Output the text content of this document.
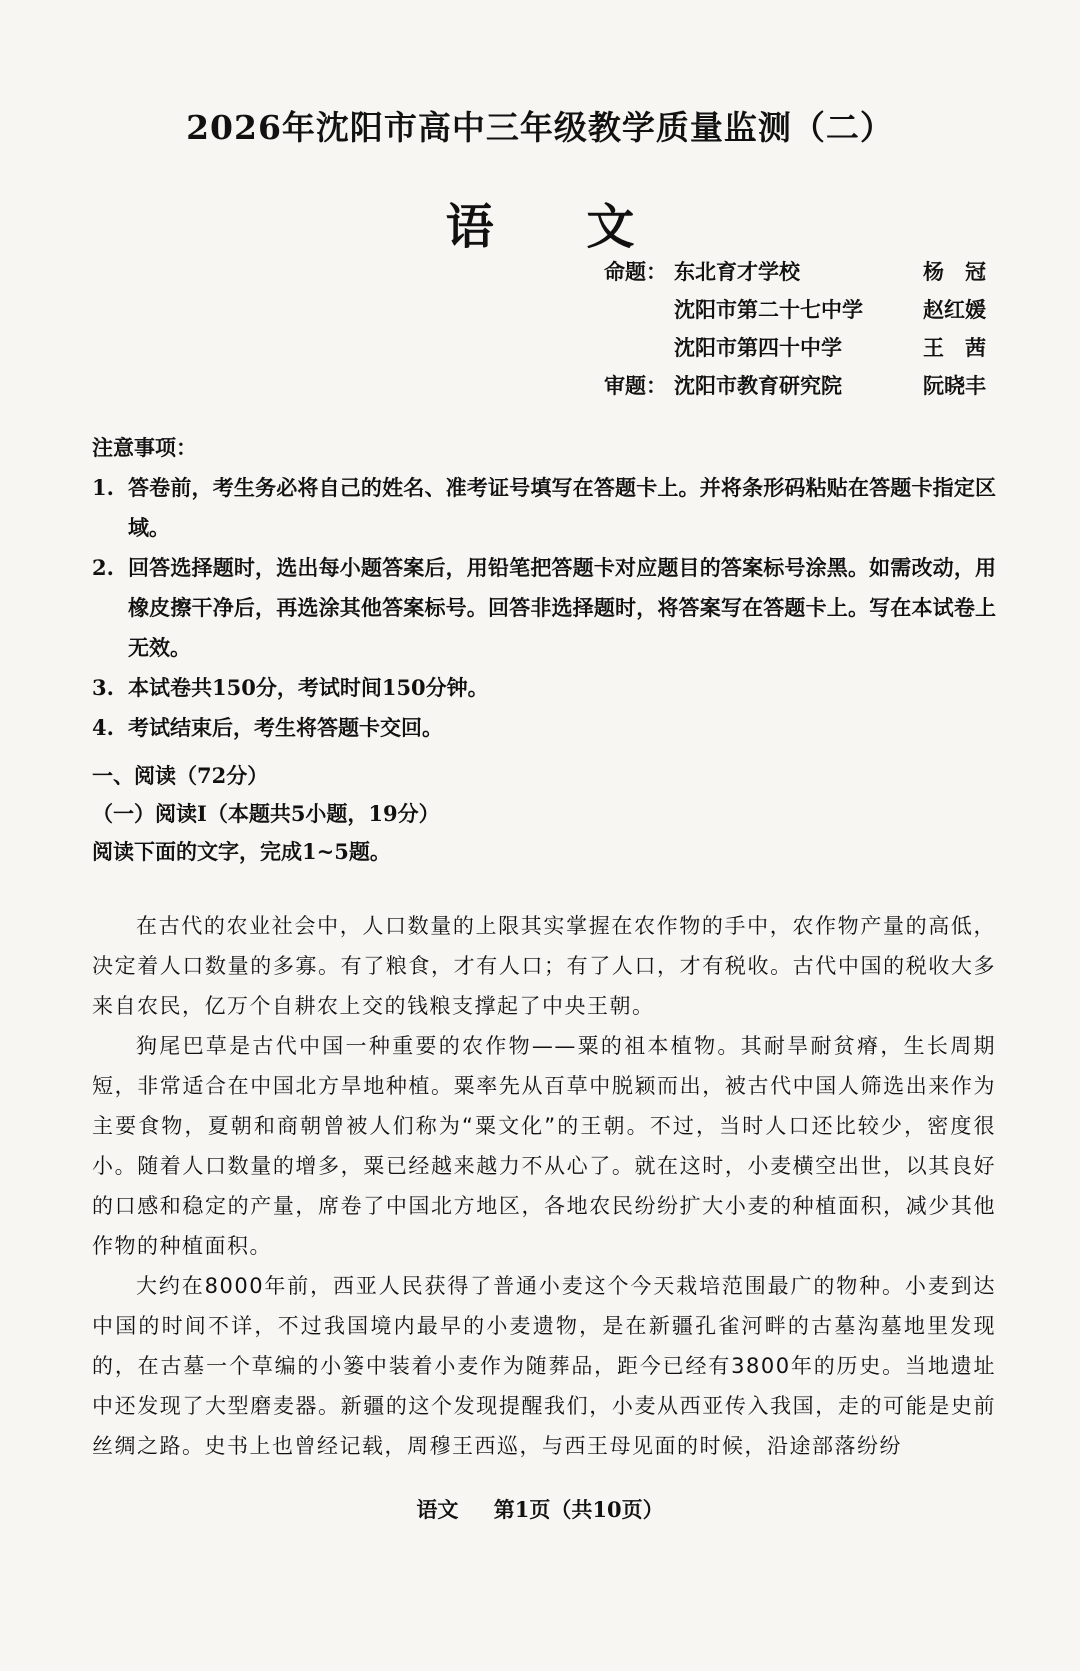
2026年沈阳市高中三年级教学质量监测（二）
语 文
命题： 东北育才学校	杨　冠
沈阳市第二十七中学	赵红媛
沈阳市第四十中学	王　茜
审题： 沈阳市教育研究院	阮晓丰
注意事项：
1. 答卷前，考生务必将自己的姓名、准考证号填写在答题卡上。并将条形码粘贴在答题卡指定区域。
2. 回答选择题时，选出每小题答案后，用铅笔把答题卡对应题目的答案标号涂黑。如需改动，用橡皮擦干净后，再选涂其他答案标号。回答非选择题时，将答案写在答题卡上。写在本试卷上无效。
3. 本试卷共150分，考试时间150分钟。
4. 考试结束后，考生将答题卡交回。
一、阅读（72分）
（一）阅读Ⅰ（本题共5小题，19分）
阅读下面的文字，完成1~5题。

在古代的农业社会中，人口数量的上限其实掌握在农作物的手中，农作物产量的高低，决定着人口数量的多寡。有了粮食，才有人口；有了人口，才有税收。古代中国的税收大多来自农民，亿万个自耕农上交的钱粮支撑起了中央王朝。

狗尾巴草是古代中国一种重要的农作物——粟的祖本植物。其耐旱耐贫瘠，生长周期短，非常适合在中国北方旱地种植。粟率先从百草中脱颖而出，被古代中国人筛选出来作为主要食物，夏朝和商朝曾被人们称为“粟文化”的王朝。不过，当时人口还比较少，密度很小。随着人口数量的增多，粟已经越来越力不从心了。就在这时，小麦横空出世，以其良好的口感和稳定的产量，席卷了中国北方地区，各地农民纷纷扩大小麦的种植面积，减少其他作物的种植面积。

大约在8000年前，西亚人民获得了普通小麦这个今天栽培范围最广的物种。小麦到达中国的时间不详，不过我国境内最早的小麦遗物，是在新疆孔雀河畔的古墓沟墓地里发现的，在古墓一个草编的小篓中装着小麦作为随葬品，距今已经有3800年的历史。当地遗址中还发现了大型磨麦器。新疆的这个发现提醒我们，小麦从西亚传入我国，走的可能是史前丝绸之路。史书上也曾经记载，周穆王西巡，与西王母见面的时候，沿途部落纷纷

语文 第1页（共10页）
